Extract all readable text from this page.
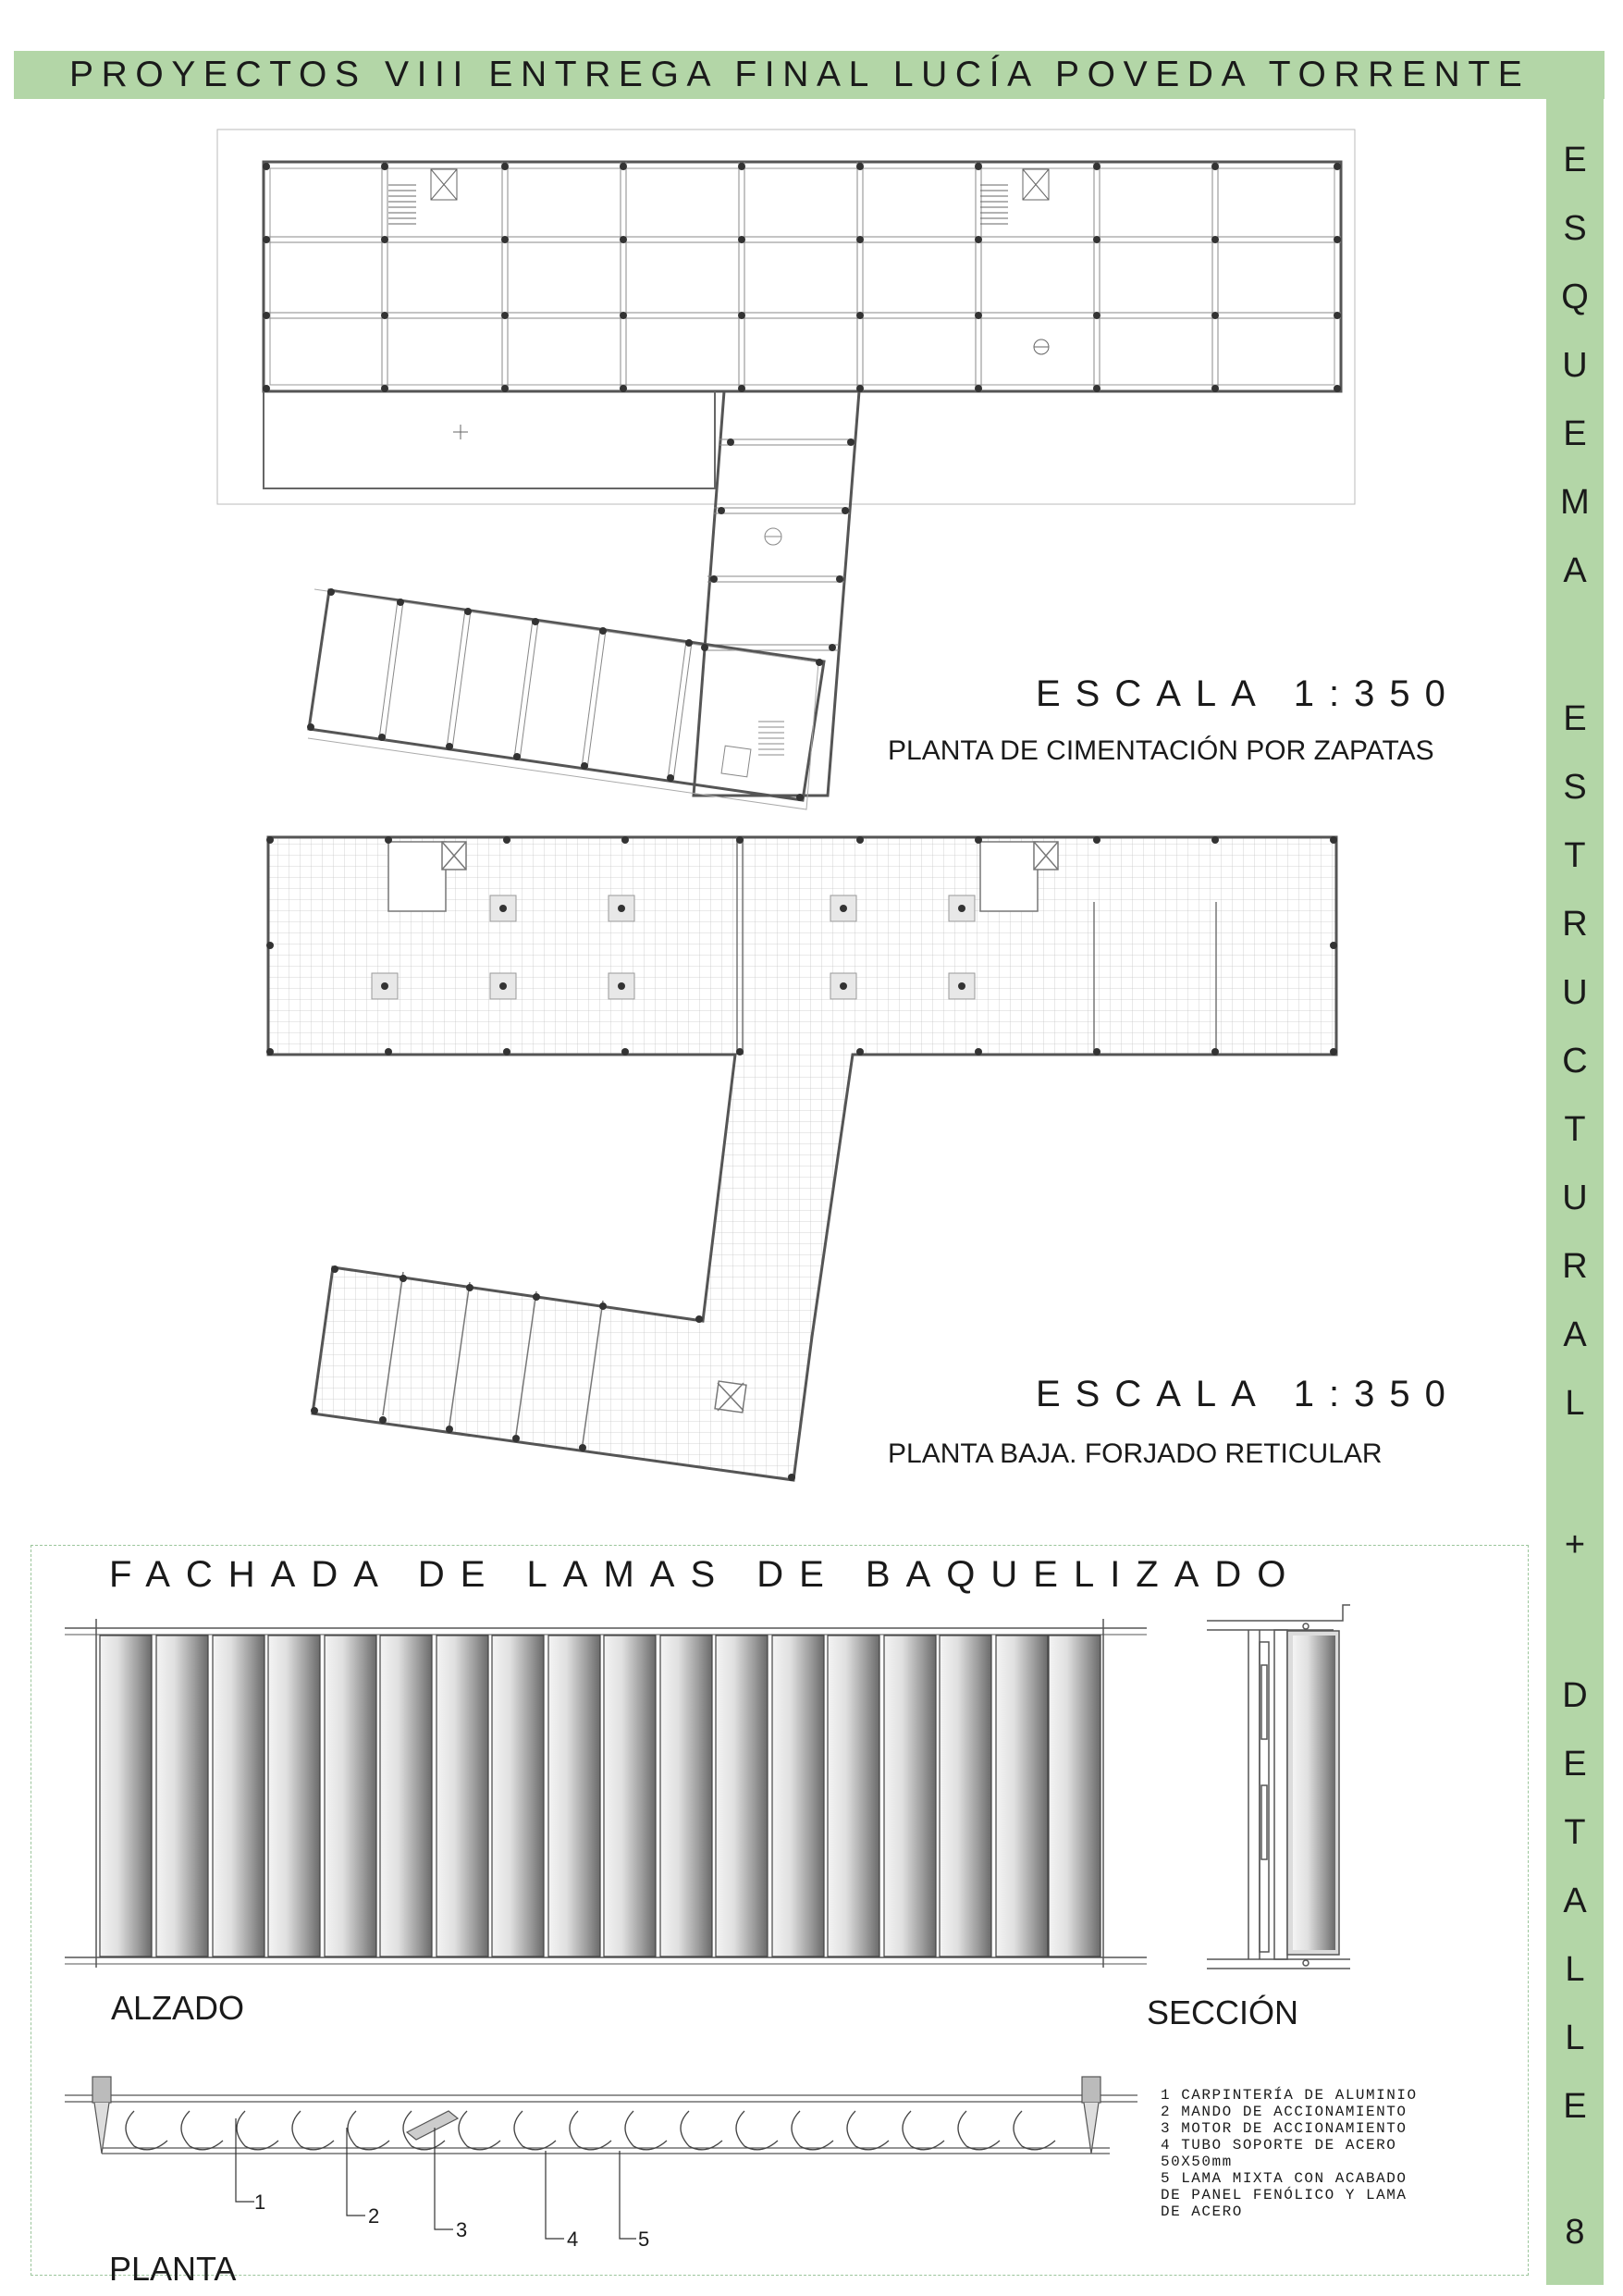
PROYECTOS VIII ENTREGA FINAL LUCÍA POVEDA TORRENTE
E
S
Q
U
E
M
A
E
S
T
R
U
C
T
U
R
A
L
+
D
E
T
A
L
L
E
8
ESCALA 1:350
PLANTA DE CIMENTACIÓN POR ZAPATAS
ESCALA 1:350
PLANTA BAJA. FORJADO RETICULAR
FACHADA DE LAMAS DE BAQUELIZADO
ALZADO	SECCIÓN
PLANTA
1
2
3	4	5
1 CARPINTERÍA DE ALUMINIO
2 MANDO DE ACCIONAMIENTO
3 MOTOR DE ACCIONAMIENTO
4 TUBO SOPORTE DE ACERO
50X50mm
5 LAMA MIXTA CON ACABADO
DE PANEL FENÓLICO Y LAMA
DE ACERO
